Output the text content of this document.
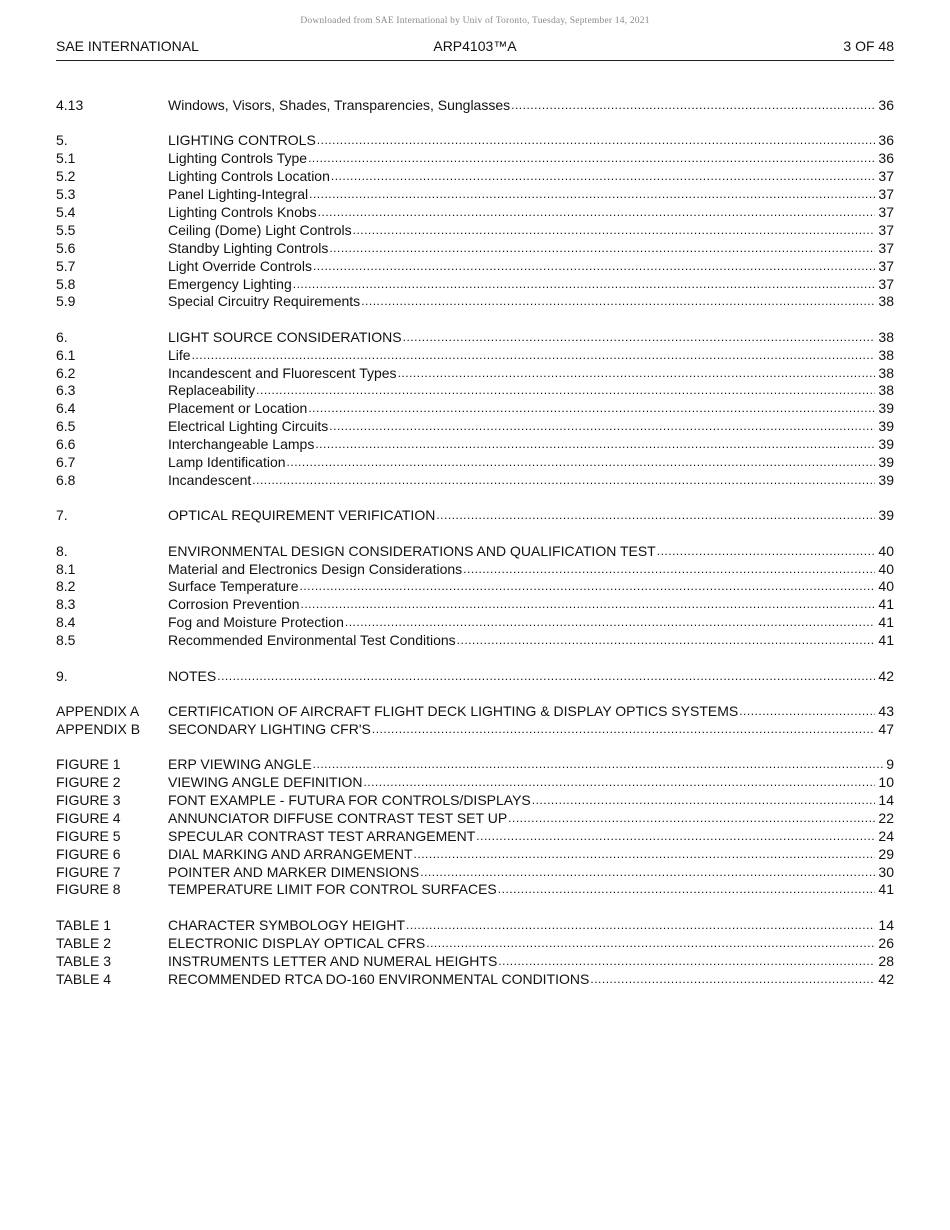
Downloaded from SAE International by Univ of Toronto, Tuesday, September 14, 2021
SAE INTERNATIONAL	ARP4103™A	3 OF 48
4.13	Windows, Visors, Shades, Transparencies, Sunglasses .....	36
5.	LIGHTING CONTROLS .....	36
5.1	Lighting Controls Type .....	36
5.2	Lighting Controls Location .....	37
5.3	Panel Lighting-Integral .....	37
5.4	Lighting Controls Knobs .....	37
5.5	Ceiling (Dome) Light Controls .....	37
5.6	Standby Lighting Controls .....	37
5.7	Light Override Controls .....	37
5.8	Emergency Lighting .....	37
5.9	Special Circuitry Requirements .....	38
6.	LIGHT SOURCE CONSIDERATIONS .....	38
6.1	Life .....	38
6.2	Incandescent and Fluorescent Types .....	38
6.3	Replaceability .....	38
6.4	Placement or Location .....	39
6.5	Electrical Lighting Circuits .....	39
6.6	Interchangeable Lamps .....	39
6.7	Lamp Identification .....	39
6.8	Incandescent .....	39
7.	OPTICAL REQUIREMENT VERIFICATION .....	39
8.	ENVIRONMENTAL DESIGN CONSIDERATIONS AND QUALIFICATION TEST .....	40
8.1	Material and Electronics Design Considerations .....	40
8.2	Surface Temperature .....	40
8.3	Corrosion Prevention .....	41
8.4	Fog and Moisture Protection .....	41
8.5	Recommended Environmental Test Conditions .....	41
9.	NOTES .....	42
APPENDIX A CERTIFICATION OF AIRCRAFT FLIGHT DECK LIGHTING & DISPLAY OPTICS SYSTEMS .....	43
APPENDIX B SECONDARY LIGHTING CFR'S .....	47
FIGURE 1	ERP VIEWING ANGLE .....	9
FIGURE 2	VIEWING ANGLE DEFINITION .....	10
FIGURE 3	FONT EXAMPLE - FUTURA FOR CONTROLS/DISPLAYS .....	14
FIGURE 4	ANNUNCIATOR DIFFUSE CONTRAST TEST SET UP .....	22
FIGURE 5	SPECULAR CONTRAST TEST ARRANGEMENT .....	24
FIGURE 6	DIAL MARKING AND ARRANGEMENT .....	29
FIGURE 7	POINTER AND MARKER DIMENSIONS .....	30
FIGURE 8	TEMPERATURE LIMIT FOR CONTROL SURFACES .....	41
TABLE 1	CHARACTER SYMBOLOGY HEIGHT .....	14
TABLE 2	ELECTRONIC DISPLAY OPTICAL CFRS .....	26
TABLE 3	INSTRUMENTS LETTER AND NUMERAL HEIGHTS .....	28
TABLE 4	RECOMMENDED RTCA DO-160 ENVIRONMENTAL CONDITIONS .....	42
